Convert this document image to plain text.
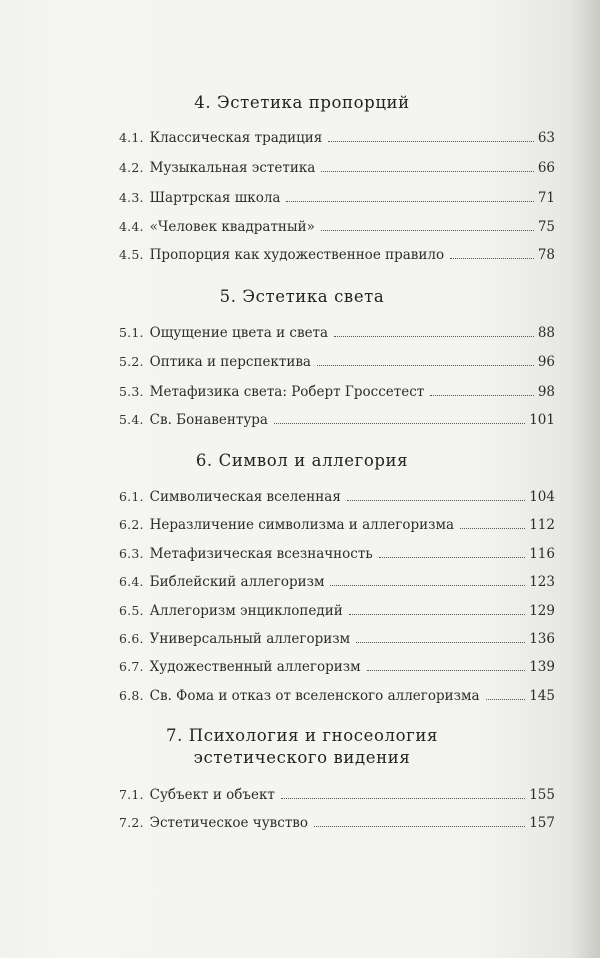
4. Эстетика пропорций
4.1. Классическая традиция	63
4.2. Музыкальная эстетика	66
4.3. Шартрская школа	71
4.4. «Человек квадратный»	75
4.5. Пропорция как художественное правило	78
5. Эстетика света
5.1. Ощущение цвета и света	88
5.2. Оптика и перспектива	96
5.3. Метафизика света: Роберт Гроссетест	98
5.4. Св. Бонавентура	101
6. Символ и аллегория
6.1. Символическая вселенная	104
6.2. Неразличение символизма и аллегоризма	112
6.3. Метафизическая всезначность	116
6.4. Библейский аллегоризм	123
6.5. Аллегоризм энциклопедий	129
6.6. Универсальный аллегоризм	136
6.7. Художественный аллегоризм	139
6.8. Св. Фома и отказ от вселенского аллегоризма	145
7. Психология и гносеология
эстетического видения
7.1. Субъект и объект	155
7.2. Эстетическое чувство	157
